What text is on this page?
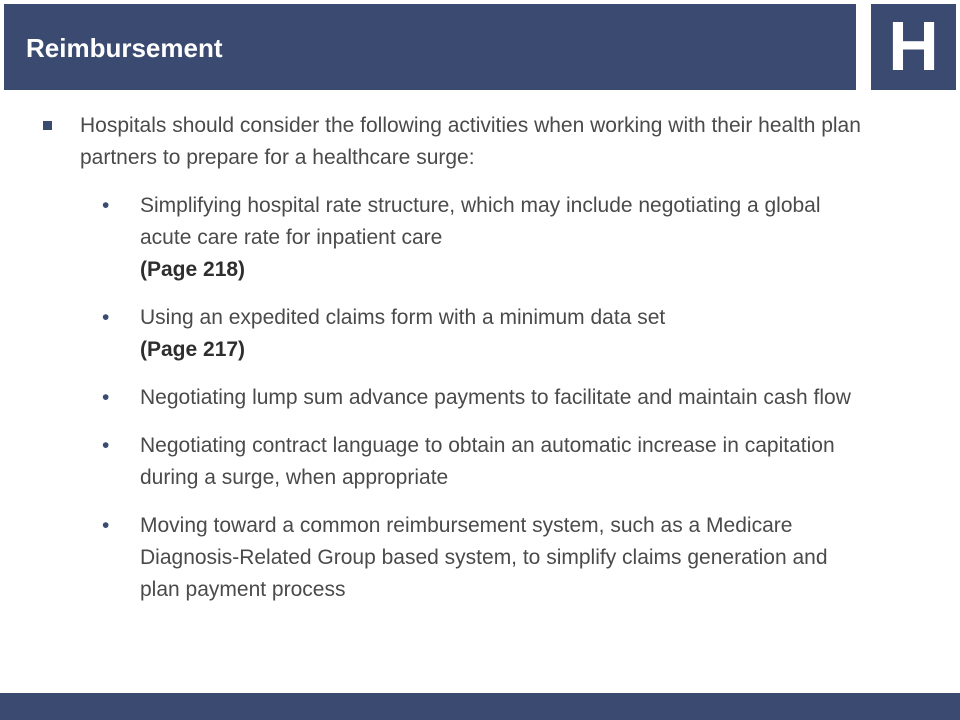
Reimbursement	H
Hospitals should consider the following activities when working with their health plan partners to prepare for a healthcare surge:
• Simplifying hospital rate structure, which may include negotiating a global acute care rate for inpatient care
(Page 218)
• Using an expedited claims form with a minimum data set
(Page 217)
• Negotiating lump sum advance payments to facilitate and maintain cash flow
• Negotiating contract language to obtain an automatic increase in capitation during a surge, when appropriate
• Moving toward a common reimbursement system, such as a Medicare Diagnosis-Related Group based system, to simplify claims generation and plan payment process
